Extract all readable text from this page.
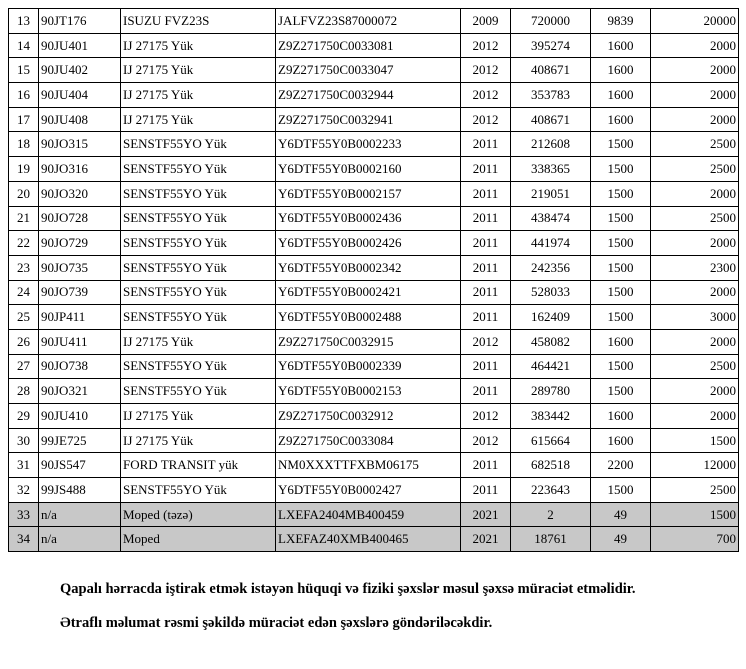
13	90JT176	ISUZU FVZ23S	JALFVZ23S87000072	2009	720000	9839	20000
14	90JU401	IJ 27175 Yük	Z9Z271750C0033081	2012	395274	1600	2000
15	90JU402	IJ 27175 Yük	Z9Z271750C0033047	2012	408671	1600	2000
16	90JU404	IJ 27175 Yük	Z9Z271750C0032944	2012	353783	1600	2000
17	90JU408	IJ 27175 Yük	Z9Z271750C0032941	2012	408671	1600	2000
18	90JO315	SENSTF55YO Yük	Y6DTF55Y0B0002233	2011	212608	1500	2500
19	90JO316	SENSTF55YO Yük	Y6DTF55Y0B0002160	2011	338365	1500	2500
20	90JO320	SENSTF55YO Yük	Y6DTF55Y0B0002157	2011	219051	1500	2000
21	90JO728	SENSTF55YO Yük	Y6DTF55Y0B0002436	2011	438474	1500	2500
22	90JO729	SENSTF55YO Yük	Y6DTF55Y0B0002426	2011	441974	1500	2000
23	90JO735	SENSTF55YO Yük	Y6DTF55Y0B0002342	2011	242356	1500	2300
24	90JO739	SENSTF55YO Yük	Y6DTF55Y0B0002421	2011	528033	1500	2000
25	90JP411	SENSTF55YO Yük	Y6DTF55Y0B0002488	2011	162409	1500	3000
26	90JU411	IJ 27175 Yük	Z9Z271750C0032915	2012	458082	1600	2000
27	90JO738	SENSTF55YO Yük	Y6DTF55Y0B0002339	2011	464421	1500	2500
28	90JO321	SENSTF55YO Yük	Y6DTF55Y0B0002153	2011	289780	1500	2000
29	90JU410	IJ 27175 Yük	Z9Z271750C0032912	2012	383442	1600	2000
30	99JE725	IJ 27175 Yük	Z9Z271750C0033084	2012	615664	1600	1500
31	90JS547	FORD TRANSIT yük	NM0XXXTTFXBM06175	2011	682518	2200	12000
32	99JS488	SENSTF55YO Yük	Y6DTF55Y0B0002427	2011	223643	1500	2500
33	n/a	Moped (təzə)	LXEFA2404MB400459	2021	2	49	1500
34	n/a	Moped	LXEFAZ40XMB400465	2021	18761	49	700
Qapalı hərracda iştirak etmək istəyən hüquqi və fiziki şəxslər məsul şəxsə müraciət etməlidir.
Ətraflı məlumat rəsmi şəkildə müraciət edən şəxslərə göndəriləcəkdir.
